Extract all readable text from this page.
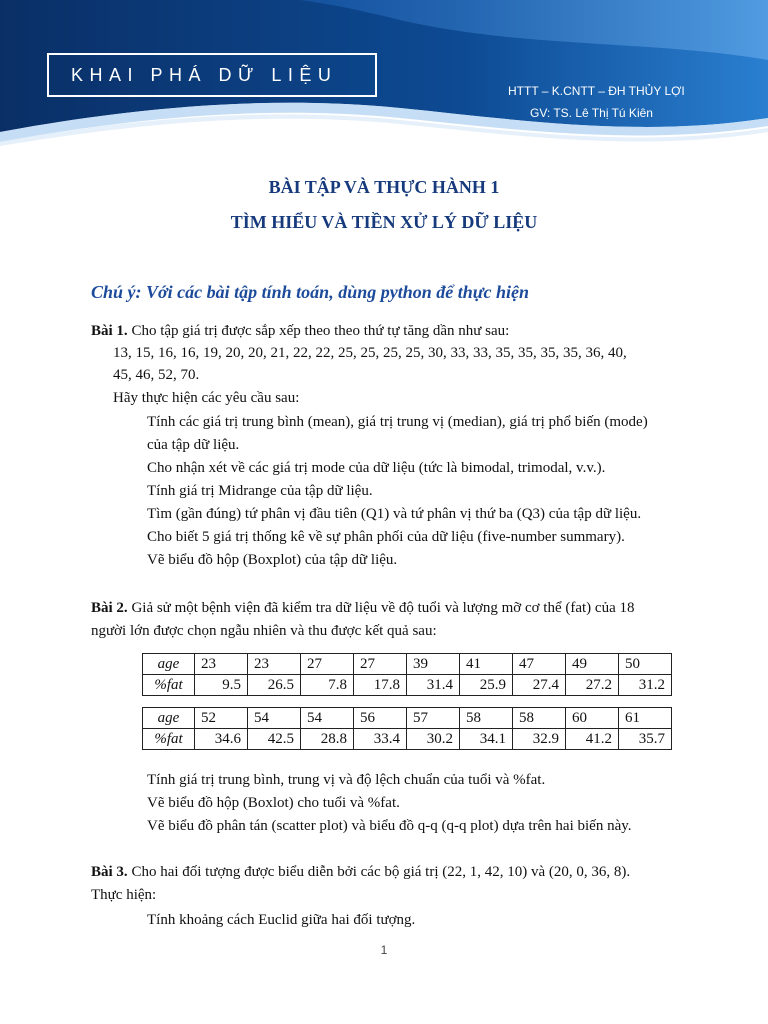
KHAI PHÁ DỮ LIỆU
HTTT – K.CNTT – ĐH THỦY LỢI
GV: TS. Lê Thị Tú Kiên
BÀI TẬP VÀ THỰC HÀNH 1
TÌM HIỂU VÀ TIỀN XỬ LÝ DỮ LIỆU
Chú ý: Với các bài tập tính toán, dùng python để thực hiện
Bài 1. Cho tập giá trị được sắp xếp theo theo thứ tự tăng dần như sau:
13, 15, 16, 16, 19, 20, 20, 21, 22, 22, 25, 25, 25, 25, 30, 33, 33, 35, 35, 35, 35, 36, 40,
45, 46, 52, 70.
Hãy thực hiện các yêu cầu sau:
Tính các giá trị trung bình (mean), giá trị trung vị (median), giá trị phổ biến (mode)
của tập dữ liệu.
Cho nhận xét về các giá trị mode của dữ liệu (tức là bimodal, trimodal, v.v.).
Tính giá trị Midrange của tập dữ liệu.
Tìm (gần đúng) tứ phân vị đầu tiên (Q1) và tứ phân vị thứ ba (Q3) của tập dữ liệu.
Cho biết 5 giá trị thống kê về sự phân phối của dữ liệu (five-number summary).
Vẽ biểu đồ hộp (Boxplot) của tập dữ liệu.
Bài 2. Giả sử một bệnh viện đã kiểm tra dữ liệu về độ tuổi và lượng mỡ cơ thể (fat) của 18
người lớn được chọn ngẫu nhiên và thu được kết quả sau:
age	23	23	27	27	39	41	47	49	50
%fat	9.5	26.5	7.8	17.8	31.4	25.9	27.4	27.2	31.2
age	52	54	54	56	57	58	58	60	61
%fat	34.6	42.5	28.8	33.4	30.2	34.1	32.9	41.2	35.7
Tính giá trị trung bình, trung vị và độ lệch chuẩn của tuổi và %fat.
Vẽ biểu đồ hộp (Boxlot) cho tuổi và %fat.
Vẽ biểu đồ phân tán (scatter plot) và biểu đồ q-q (q-q plot) dựa trên hai biến này.
Bài 3. Cho hai đối tượng được biểu diễn bởi các bộ giá trị (22, 1, 42, 10) và (20, 0, 36, 8).
Thực hiện:
Tính khoảng cách Euclid giữa hai đối tượng.
1
